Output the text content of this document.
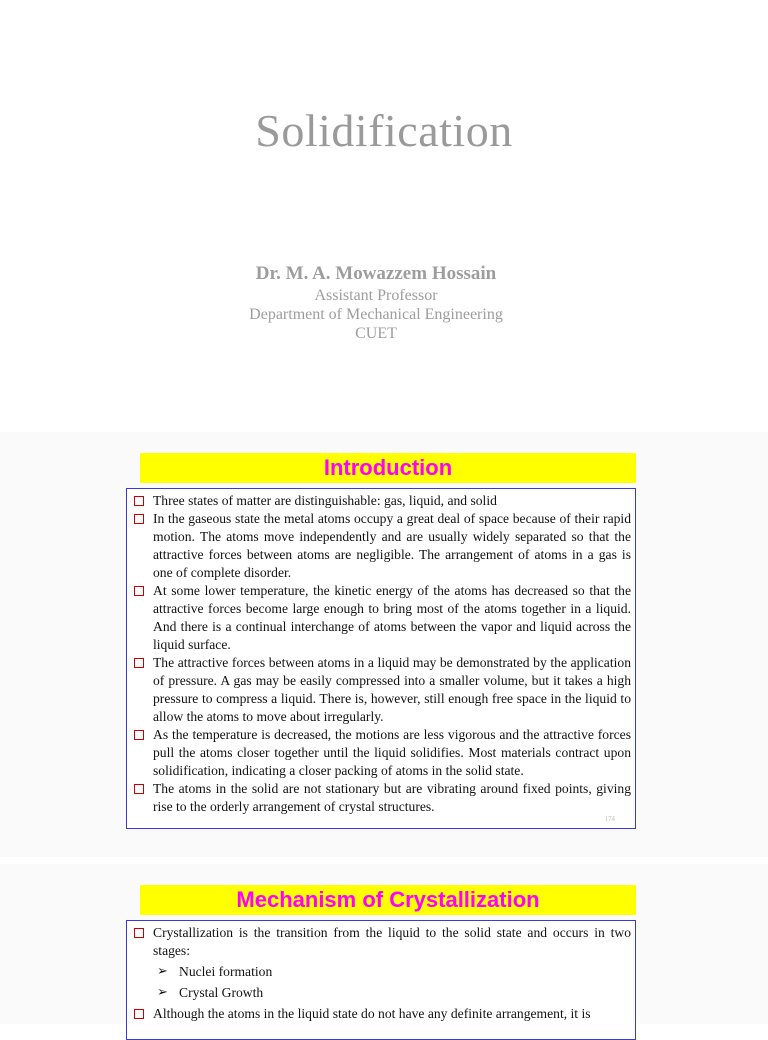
Solidification
Dr. M. A. Mowazzem Hossain
Assistant Professor
Department of Mechanical Engineering
CUET
Introduction
Three states of matter are distinguishable: gas, liquid, and solid
In the gaseous state the metal atoms occupy a great deal of space because of their rapid motion. The atoms move independently and are usually widely separated so that the attractive forces between atoms are negligible. The arrangement of atoms in a gas is one of complete disorder.
At some lower temperature, the kinetic energy of the atoms has decreased so that the attractive forces become large enough to bring most of the atoms together in a liquid. And there is a continual interchange of atoms between the vapor and liquid across the liquid surface.
The attractive forces between atoms in a liquid may be demonstrated by the application of pressure. A gas may be easily compressed into a smaller volume, but it takes a high pressure to compress a liquid. There is, however, still enough free space in the liquid to allow the atoms to move about irregularly.
As the temperature is decreased, the motions are less vigorous and the attractive forces pull the atoms closer together until the liquid solidifies. Most materials contract upon solidification, indicating a closer packing of atoms in the solid state.
The atoms in the solid are not stationary but are vibrating around fixed points, giving rise to the orderly arrangement of crystal structures.
174
Mechanism of Crystallization
Crystallization is the transition from the liquid to the solid state and occurs in two stages:
➢ Nuclei formation
➢ Crystal Growth
Although the atoms in the liquid state do not have any definite arrangement, it is
